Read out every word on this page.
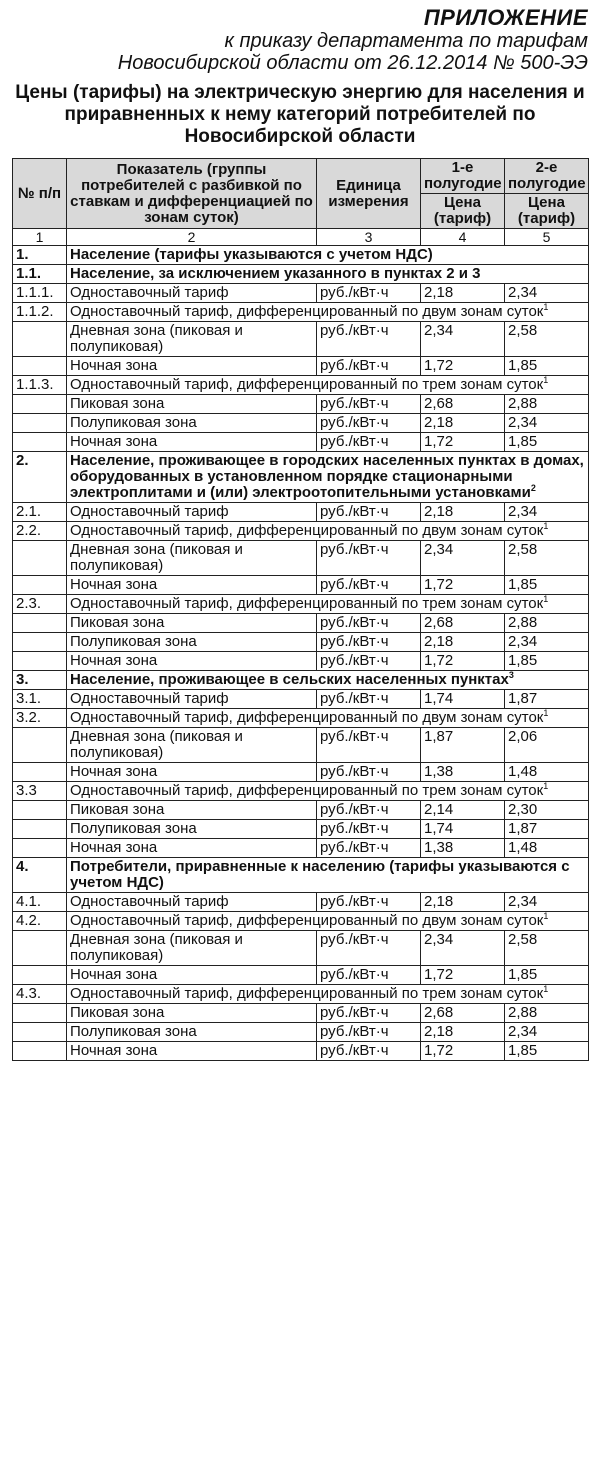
ПРИЛОЖЕНИЕ
к приказу департамента по тарифам
Новосибирской области от 26.12.2014 № 500-ЭЭ
Цены (тарифы) на электрическую энергию для населения и приравненных к нему категорий потребителей по Новосибирской области
№ п/п	Показатель (группы потребителей с разбивкой по ставкам и дифференциацией по зонам суток)	Единица измерения	1-е полугодие	2-е полугодие
			Цена (тариф)	Цена (тариф)
1	2	3	4	5
1.	Население (тарифы указываются с учетом НДС)			
1.1.	Население, за исключением указанного в пунктах 2 и 3			
1.1.1.	Одноставочный тариф	руб./кВт·ч	2,18	2,34
1.1.2.	Одноставочный тариф, дифференцированный по двум зонам суток$^1$
	Дневная зона (пиковая и полупиковая)	руб./кВт·ч	2,34	2,58
	Ночная зона	руб./кВт·ч	1,72	1,85
1.1.3.	Одноставочный тариф, дифференцированный по трем зонам суток$^1$
	Пиковая зона	руб./кВт·ч	2,68	2,88
	Полупиковая зона	руб./кВт·ч	2,18	2,34
	Ночная зона	руб./кВт·ч	1,72	1,85
2.	Население, проживающее в городских населенных пунктах в домах, оборудованных в установленном порядке стационарными электроплитами и (или) электроотопительными установками$^2$
2.1.	Одноставочный тариф	руб./кВт·ч	2,18	2,34
2.2.	Одноставочный тариф, дифференцированный по двум зонам суток$^1$
	Дневная зона (пиковая и полупиковая)	руб./кВт·ч	2,34	2,58
	Ночная зона	руб./кВт·ч	1,72	1,85
2.3.	Одноставочный тариф, дифференцированный по трем зонам суток$^1$
	Пиковая зона	руб./кВт·ч	2,68	2,88
	Полупиковая зона	руб./кВт·ч	2,18	2,34
	Ночная зона	руб./кВт·ч	1,72	1,85
3.	Население, проживающее в сельских населенных пунктах$^3$
3.1.	Одноставочный тариф	руб./кВт·ч	1,74	1,87
3.2.	Одноставочный тариф, дифференцированный по двум зонам суток$^1$
	Дневная зона (пиковая и полупиковая)	руб./кВт·ч	1,87	2,06
	Ночная зона	руб./кВт·ч	1,38	1,48
3.3	Одноставочный тариф, дифференцированный по трем зонам суток$^1$
	Пиковая зона	руб./кВт·ч	2,14	2,30
	Полупиковая зона	руб./кВт·ч	1,74	1,87
	Ночная зона	руб./кВт·ч	1,38	1,48
4.	Потребители, приравненные к населению (тарифы указываются с учетом НДС)			
4.1.	Одноставочный тариф	руб./кВт·ч	2,18	2,34
4.2.	Одноставочный тариф, дифференцированный по двум зонам суток$^1$
	Дневная зона (пиковая и полупиковая)	руб./кВт·ч	2,34	2,58
	Ночная зона	руб./кВт·ч	1,72	1,85
4.3.	Одноставочный тариф, дифференцированный по трем зонам суток$^1$
	Пиковая зона	руб./кВт·ч	2,68	2,88
	Полупиковая зона	руб./кВт·ч	2,18	2,34
	Ночная зона	руб./кВт·ч	1,72	1,85
